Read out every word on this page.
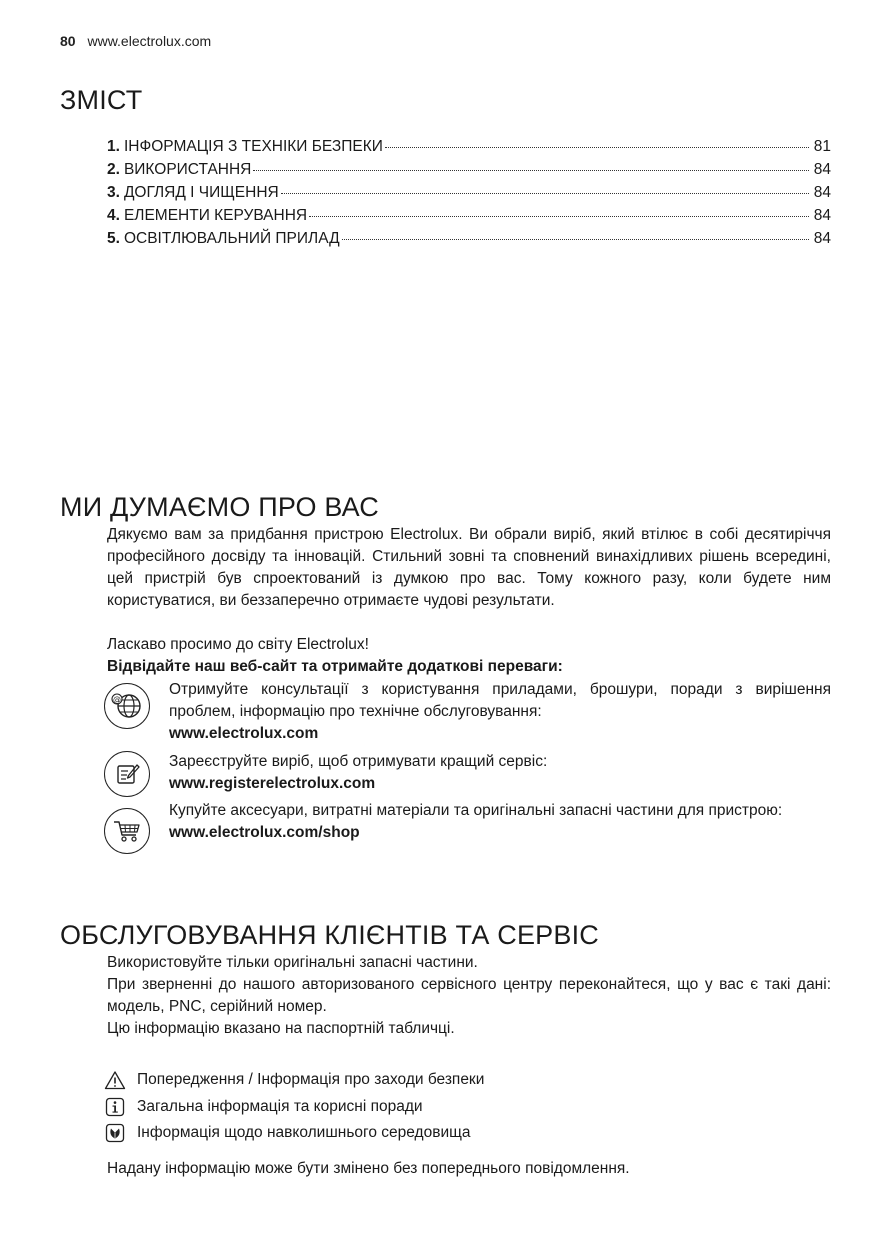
80 www.electrolux.com
ЗМІСТ
1. ІНФОРМАЦІЯ З ТЕХНІКИ БЕЗПЕКИ	81
2. ВИКОРИСТАННЯ	84
3. ДОГЛЯД І ЧИЩЕННЯ	84
4. ЕЛЕМЕНТИ КЕРУВАННЯ	84
5. ОСВІТЛЮВАЛЬНИЙ ПРИЛАД	84
МИ ДУМАЄМО ПРО ВАС
Дякуємо вам за придбання пристрою Electrolux. Ви обрали виріб, який втілює в собі десятиріччя професійного досвіду та інновацій. Стильний зовні та сповнений винахідливих рішень всередині, цей пристрій був спроектований із думкою про вас. Тому кожного разу, коли будете ним користуватися, ви беззаперечно отримаєте чудові результати.
Ласкаво просимо до світу Electrolux!
Відвідайте наш веб-сайт та отримайте додаткові переваги:
@
Отримуйте консультації з користування приладами, брошури, поради з вирішення проблем, інформацію про технічне обслуговування:
www.electrolux.com
Зареєструйте виріб, щоб отримувати кращий сервіс:
www.registerelectrolux.com
Купуйте аксесуари, витратні матеріали та оригінальні запасні частини для пристрою:
www.electrolux.com/shop
ОБСЛУГОВУВАННЯ КЛІЄНТІВ ТА СЕРВІС
Використовуйте тільки оригінальні запасні частини.
При зверненні до нашого авторизованого сервісного центру переконайтеся, що у вас є такі дані: модель, PNC, серійний номер.
Цю інформацію вказано на паспортній табличці.
Попередження / Інформація про заходи безпеки
Загальна інформація та корисні поради
Інформація щодо навколишнього середовища
Надану інформацію може бути змінено без попереднього повідомлення.
